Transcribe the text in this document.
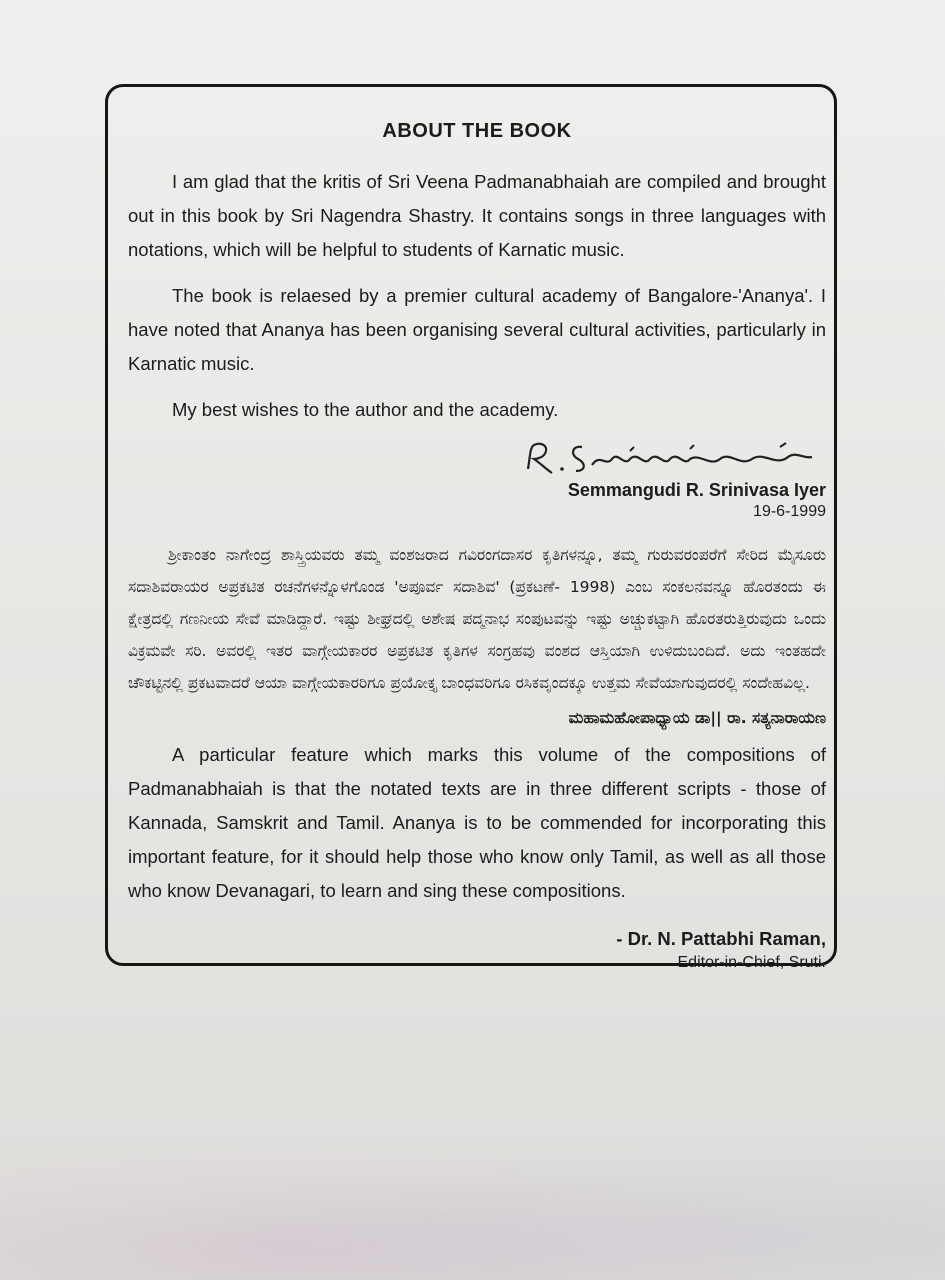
ABOUT THE BOOK

I am glad that the kritis of Sri Veena Padmanabhaiah are compiled and brought out in this book by Sri Nagendra Shastry. It contains songs in three languages with notations, which will be helpful to students of Karnatic music.

The book is relaesed by a premier cultural academy of Bangalore-'Ananya'. I have noted that Ananya has been organising several cultural activities, particularly in Karnatic music.

My best wishes to the author and the academy.

Semmangudi R. Srinivasa Iyer
19-6-1999

ಶ್ರೀಕಾಂತಂ ನಾಗೇಂದ್ರ ಶಾಸ್ತ್ರಿಯವರು ತಮ್ಮ ವಂಶಜರಾದ ಗವಿರಂಗದಾಸರ ಕೃತಿಗಳನ್ನೂ, ತಮ್ಮ ಗುರುವರಂಪರೆಗೆ ಸೇರಿದ ಮೈಸೂರು ಸದಾಶಿವರಾಯರ ಅಪ್ರಕಟಿತ ರಚನೆಗಳನ್ನೊಳಗೊಂಡ 'ಅಪೂರ್ವ ಸದಾಶಿವ' (ಪ್ರಕಟಣೆ- 1998) ಎಂಬ ಸಂಕಲನವನ್ನೂ ಹೊರತಂದು ಈ ಕ್ಷೇತ್ರದಲ್ಲಿ ಗಣನೀಯ ಸೇವೆ ಮಾಡಿದ್ದಾರೆ. ಇಷ್ಟು ಶೀಘ್ರದಲ್ಲಿ ಅಶೇಷ ಪದ್ಮನಾಭ ಸಂಪುಟವನ್ನು ಇಷ್ಟು ಅಚ್ಚುಕಟ್ಟಾಗಿ ಹೊರತರುತ್ತಿರುವುದು ಒಂದು ವಿಕ್ರಮವೇ ಸರಿ. ಅವರಲ್ಲಿ ಇತರ ವಾಗ್ಗೇಯಕಾರರ ಅಪ್ರಕಟಿತ ಕೃತಿಗಳ ಸಂಗ್ರಹವು ವಂಶದ ಆಸ್ತಿಯಾಗಿ ಉಳಿದುಬಂದಿದೆ. ಅದು ಇಂತಹದೇ ಚೌಕಟ್ಟಿನಲ್ಲಿ ಪ್ರಕಟವಾದರೆ ಆಯಾ ವಾಗ್ಗೇಯಕಾರರಿಗೂ ಪ್ರಯೋಕ್ತೃ ಬಾಂಧವರಿಗೂ ರಸಿಕವೃಂದಕ್ಕೂ ಉತ್ತಮ ಸೇವೆಯಾಗುವುದರಲ್ಲಿ ಸಂದೇಹವಿಲ್ಲ.

ಮಹಾಮಹೋಪಾಧ್ಯಾಯ ಡಾ|| ರಾ. ಸತ್ಯನಾರಾಯಣ

A particular feature which marks this volume of the compositions of Padmanabhaiah is that the notated texts are in three different scripts - those of Kannada, Samskrit and Tamil. Ananya is to be commended for incorporating this important feature, for it should help those who know only Tamil, as well as all those who know Devanagari, to learn and sing these compositions.

- Dr. N. Pattabhi Raman,
Editor-in-Chief, Sruti.
